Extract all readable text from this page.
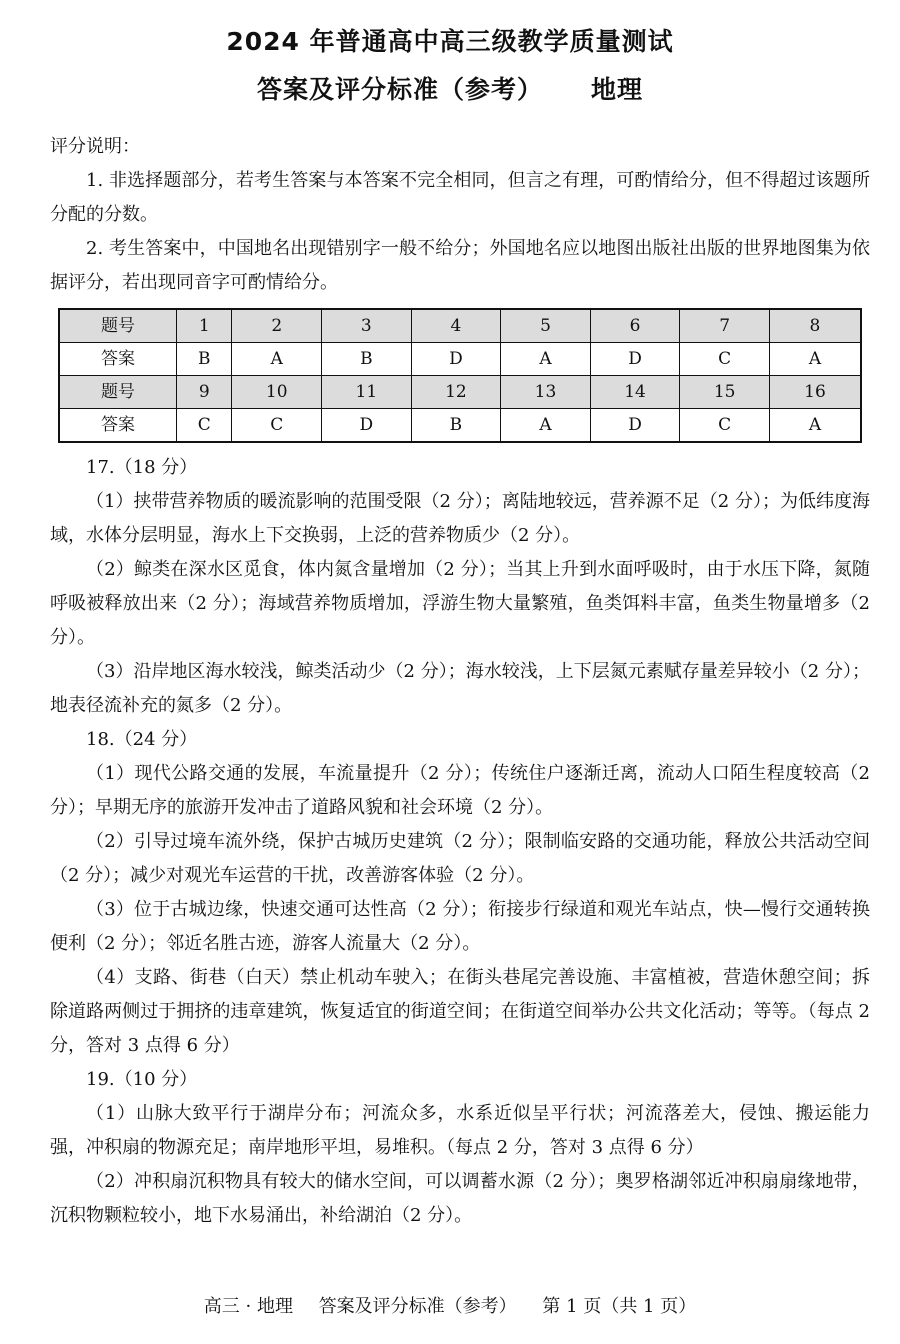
2024 年普通高中高三级教学质量测试
答案及评分标准（参考） 地理

评分说明：

1. 非选择题部分，若考生答案与本答案不完全相同，但言之有理，可酌情给分，但不得超过该题所分配的分数。

2. 考生答案中，中国地名出现错别字一般不给分；外国地名应以地图出版社出版的世界地图集为依据评分，若出现同音字可酌情给分。

题号	1	2	3	4	5	6	7	8
答案	B	A	B	D	A	D	C	A
题号	9	10	11	12	13	14	15	16
答案	C	C	D	B	A	D	C	A

17.（18 分）

（1）挟带营养物质的暖流影响的范围受限（2 分）；离陆地较远，营养源不足（2 分）；为低纬度海域，水体分层明显，海水上下交换弱，上泛的营养物质少（2 分）。

（2）鲸类在深水区觅食，体内氮含量增加（2 分）；当其上升到水面呼吸时，由于水压下降，氮随呼吸被释放出来（2 分）；海域营养物质增加，浮游生物大量繁殖，鱼类饵料丰富，鱼类生物量增多（2 分）。

（3）沿岸地区海水较浅，鲸类活动少（2 分）；海水较浅，上下层氮元素赋存量差异较小（2 分）；地表径流补充的氮多（2 分）。

18.（24 分）

（1）现代公路交通的发展，车流量提升（2 分）；传统住户逐渐迁离，流动人口陌生程度较高（2 分）；早期无序的旅游开发冲击了道路风貌和社会环境（2 分）。

（2）引导过境车流外绕，保护古城历史建筑（2 分）；限制临安路的交通功能，释放公共活动空间（2 分）；减少对观光车运营的干扰，改善游客体验（2 分）。

（3）位于古城边缘，快速交通可达性高（2 分）；衔接步行绿道和观光车站点，快—慢行交通转换便利（2 分）；邻近名胜古迹，游客人流量大（2 分）。

（4）支路、街巷（白天）禁止机动车驶入；在街头巷尾完善设施、丰富植被，营造休憩空间；拆除道路两侧过于拥挤的违章建筑，恢复适宜的街道空间；在街道空间举办公共文化活动；等等。（每点 2 分，答对 3 点得 6 分）

19.（10 分）

（1）山脉大致平行于湖岸分布；河流众多，水系近似呈平行状；河流落差大，侵蚀、搬运能力强，冲积扇的物源充足；南岸地形平坦，易堆积。（每点 2 分，答对 3 点得 6 分）

（2）冲积扇沉积物具有较大的储水空间，可以调蓄水源（2 分）；奥罗格湖邻近冲积扇扇缘地带，沉积物颗粒较小，地下水易涌出，补给湖泊（2 分）。

高三 · 地理 答案及评分标准（参考） 第 1 页（共 1 页）
